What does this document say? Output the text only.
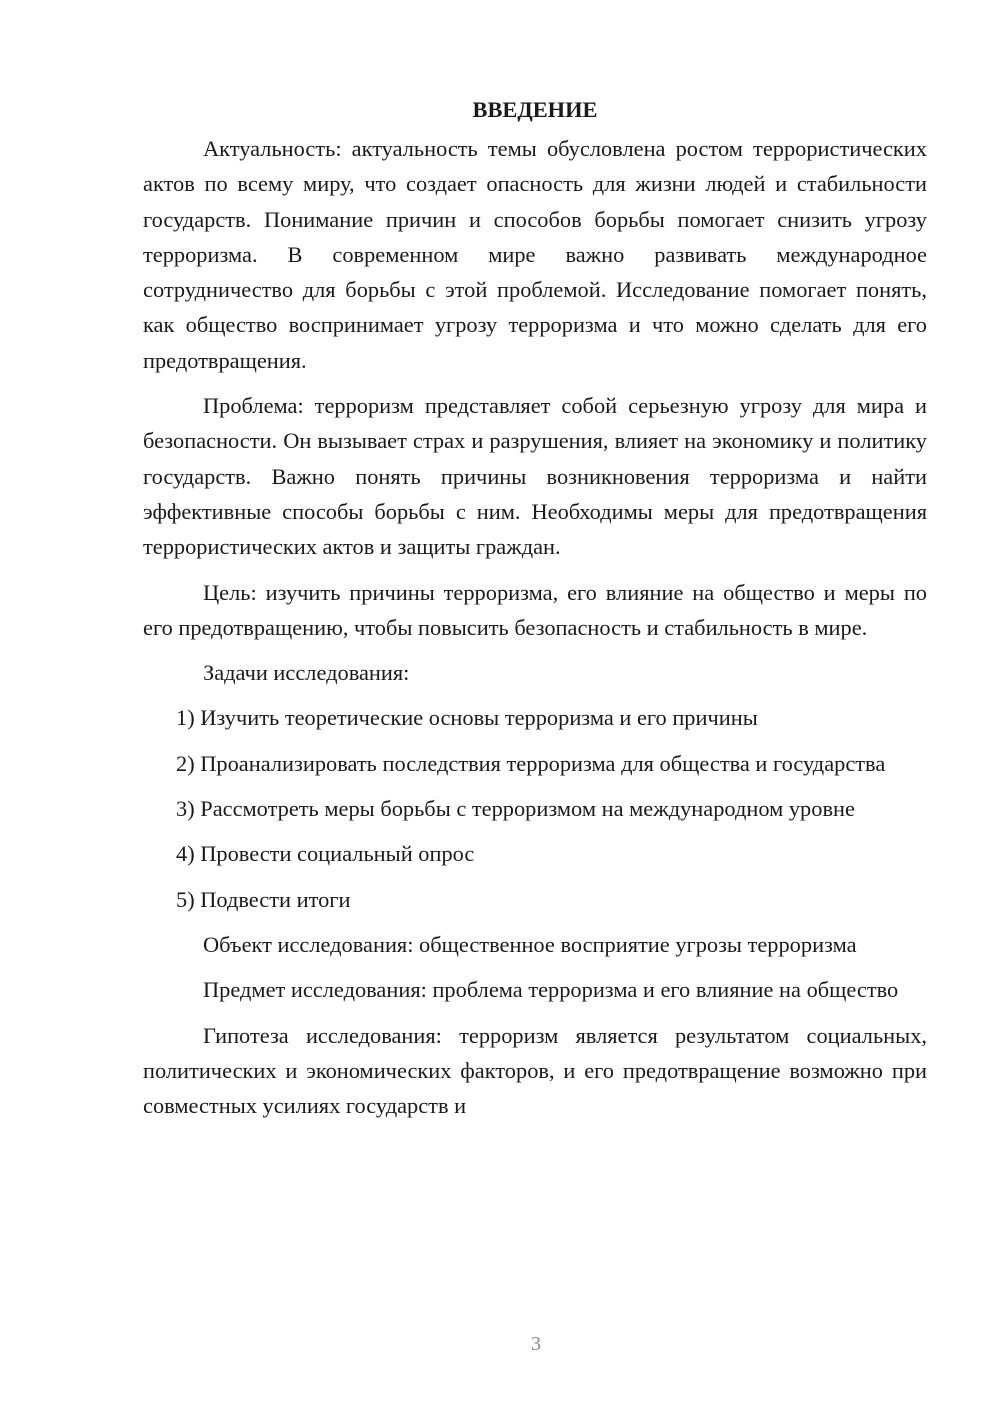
ВВЕДЕНИЕ

Актуальность: актуальность темы обусловлена ростом террористических актов по всему миру, что создает опасность для жизни людей и стабильности государств. Понимание причин и способов борьбы помогает снизить угрозу терроризма. В современном мире важно развивать международное сотрудничество для борьбы с этой проблемой. Исследование помогает понять, как общество воспринимает угрозу терроризма и что можно сделать для его предотвращения.

Проблема: терроризм представляет собой серьезную угрозу для мира и безопасности. Он вызывает страх и разрушения, влияет на экономику и политику государств. Важно понять причины возникновения терроризма и найти эффективные способы борьбы с ним. Необходимы меры для предотвращения террористических актов и защиты граждан.

Цель: изучить причины терроризма, его влияние на общество и меры по его предотвращению, чтобы повысить безопасность и стабильность в мире.

Задачи исследования:

1) Изучить теоретические основы терроризма и его причины

2) Проанализировать последствия терроризма для общества и государства

3) Рассмотреть меры борьбы с терроризмом на международном уровне

4) Провести социальный опрос

5) Подвести итоги

Объект исследования: общественное восприятие угрозы терроризма

Предмет исследования: проблема терроризма и его влияние на общество

Гипотеза исследования: терроризм является результатом социальных, политических и экономических факторов, и его предотвращение возможно при совместных усилиях государств и

3
